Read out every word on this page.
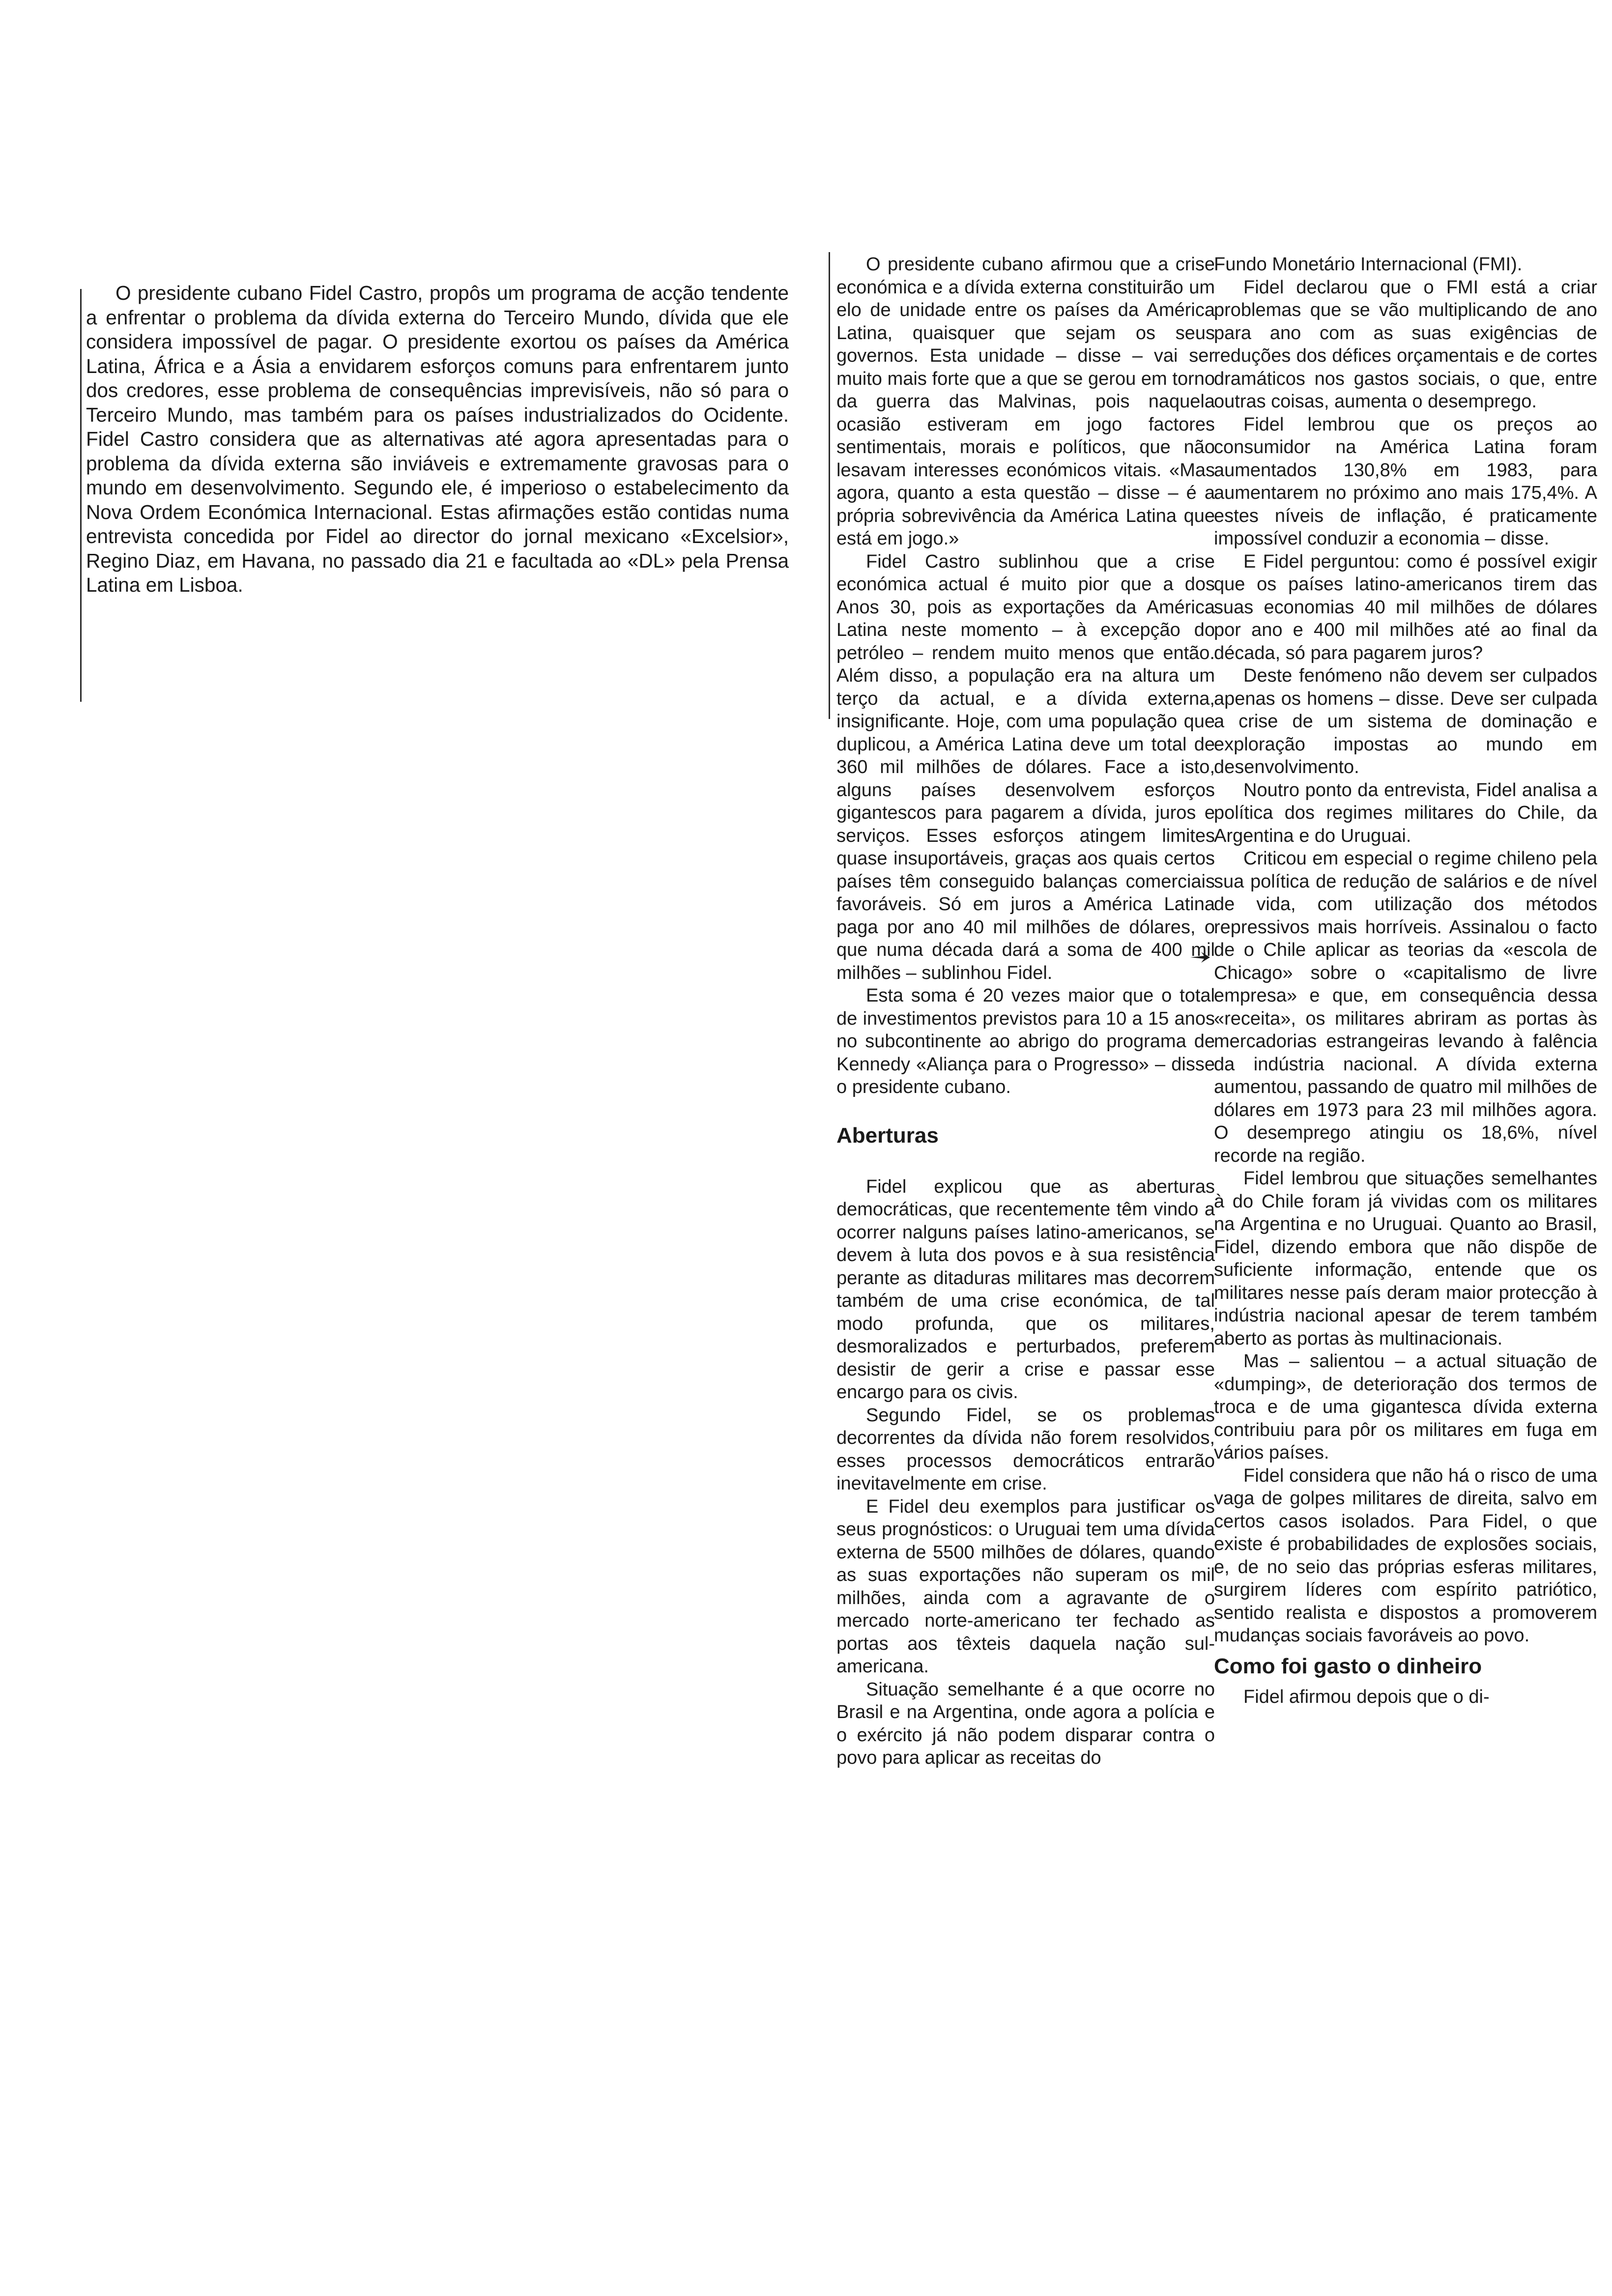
O presidente cubano Fidel Castro, propôs um programa de acção tendente a enfrentar o problema da dívida externa do Terceiro Mundo, dívida que ele considera impossível de pagar. O presidente exortou os países da América Latina, África e a Ásia a envidarem esforços comuns para enfrentarem junto dos credores, esse problema de consequências imprevisíveis, não só para o Terceiro Mundo, mas também para os países industrializados do Ocidente. Fidel Castro considera que as alternativas até agora apresentadas para o problema da dívida externa são inviáveis e extremamente gravosas para o mundo em desenvolvimento. Segundo ele, é imperioso o estabelecimento da Nova Ordem Económica Internacional. Estas afirmações estão contidas numa entrevista concedida por Fidel ao director do jornal mexicano «Excelsior», Regino Diaz, em Havana, no passado dia 21 e facultada ao «DL» pela Prensa Latina em Lisboa.

O presidente cubano afirmou que a crise económica e a dívida externa constituirão um elo de unidade entre os países da América Latina, quaisquer que sejam os seus governos. Esta unidade – disse – vai ser muito mais forte que a que se gerou em torno da guerra das Malvinas, pois naquela ocasião estiveram em jogo factores sentimentais, morais e políticos, que não lesavam interesses económicos vitais. «Mas agora, quanto a esta questão – disse – é a própria sobrevivência da América Latina que está em jogo.»

Fidel Castro sublinhou que a crise económica actual é muito pior que a dos Anos 30, pois as exportações da América Latina neste momento – à excepção do petróleo – rendem muito menos que então. Além disso, a população era na altura um terço da actual, e a dívida externa, insignificante. Hoje, com uma população que duplicou, a América Latina deve um total de 360 mil milhões de dólares. Face a isto, alguns países desenvolvem esforços gigantescos para pagarem a dívida, juros e serviços. Esses esforços atingem limites quase insuportáveis, graças aos quais certos países têm conseguido balanças comerciais favoráveis. Só em juros a América Latina paga por ano 40 mil milhões de dólares, o que numa década dará a soma de 400 mil milhões – sublinhou Fidel.

Esta soma é 20 vezes maior que o total de investimentos previstos para 10 a 15 anos no subcontinente ao abrigo do programa de Kennedy «Aliança para o Progresso» – disse o presidente cubano.

Aberturas

Fidel explicou que as aberturas democráticas, que recentemente têm vindo a ocorrer nalguns países latino-americanos, se devem à luta dos povos e à sua resistência perante as ditaduras militares mas decorrem também de uma crise económica, de tal modo profunda, que os militares, desmoralizados e perturbados, preferem desistir de gerir a crise e passar esse encargo para os civis.

Segundo Fidel, se os problemas decorrentes da dívida não forem resolvidos, esses processos democráticos entrarão inevitavelmente em crise.

E Fidel deu exemplos para justificar os seus prognósticos: o Uruguai tem uma dívida externa de 5500 milhões de dólares, quando as suas exportações não superam os mil milhões, ainda com a agravante de o mercado norte-americano ter fechado as portas aos têxteis daquela nação sul-americana.

Situação semelhante é a que ocorre no Brasil e na Argentina, onde agora a polícia e o exército já não podem disparar contra o povo para aplicar as receitas do

Fundo Monetário Internacional (FMI).

Fidel declarou que o FMI está a criar problemas que se vão multiplicando de ano para ano com as suas exigências de reduções dos défices orçamentais e de cortes dramáticos nos gastos sociais, o que, entre outras coisas, aumenta o desemprego.

Fidel lembrou que os preços ao consumidor na América Latina foram aumentados 130,8% em 1983, para aumentarem no próximo ano mais 175,4%. A estes níveis de inflação, é praticamente impossível conduzir a economia – disse.

E Fidel perguntou: como é possível exigir que os países latino-americanos tirem das suas economias 40 mil milhões de dólares por ano e 400 mil milhões até ao final da década, só para pagarem juros?

Deste fenómeno não devem ser culpados apenas os homens – disse. Deve ser culpada a crise de um sistema de dominação e exploração impostas ao mundo em desenvolvimento.

Noutro ponto da entrevista, Fidel analisa a política dos regimes militares do Chile, da Argentina e do Uruguai.

Criticou em especial o regime chileno pela sua política de redução de salários e de nível de vida, com utilização dos métodos repressivos mais horríveis. Assinalou o facto de o Chile aplicar as teorias da «escola de Chicago» sobre o «capitalismo de livre empresa» e que, em consequência dessa «receita», os militares abriram as portas às mercadorias estrangeiras levando à falência da indústria nacional. A dívida externa aumentou, passando de quatro mil milhões de dólares em 1973 para 23 mil milhões agora. O desemprego atingiu os 18,6%, nível recorde na região.

Fidel lembrou que situações semelhantes à do Chile foram já vividas com os militares na Argentina e no Uruguai. Quanto ao Brasil, Fidel, dizendo embora que não dispõe de suficiente informação, entende que os militares nesse país deram maior protecção à indústria nacional apesar de terem também aberto as portas às multinacionais.

Mas – salientou – a actual situação de «dumping», de deterioração dos termos de troca e de uma gigantesca dívida externa contribuiu para pôr os militares em fuga em vários países.

Fidel considera que não há o risco de uma vaga de golpes militares de direita, salvo em certos casos isolados. Para Fidel, o que existe é probabilidades de explosões sociais, e, de no seio das próprias esferas militares, surgirem líderes com espírito patriótico, sentido realista e dispostos a promoverem mudanças sociais favoráveis ao povo.

Como foi gasto o dinheiro

Fidel afirmou depois que o di-
